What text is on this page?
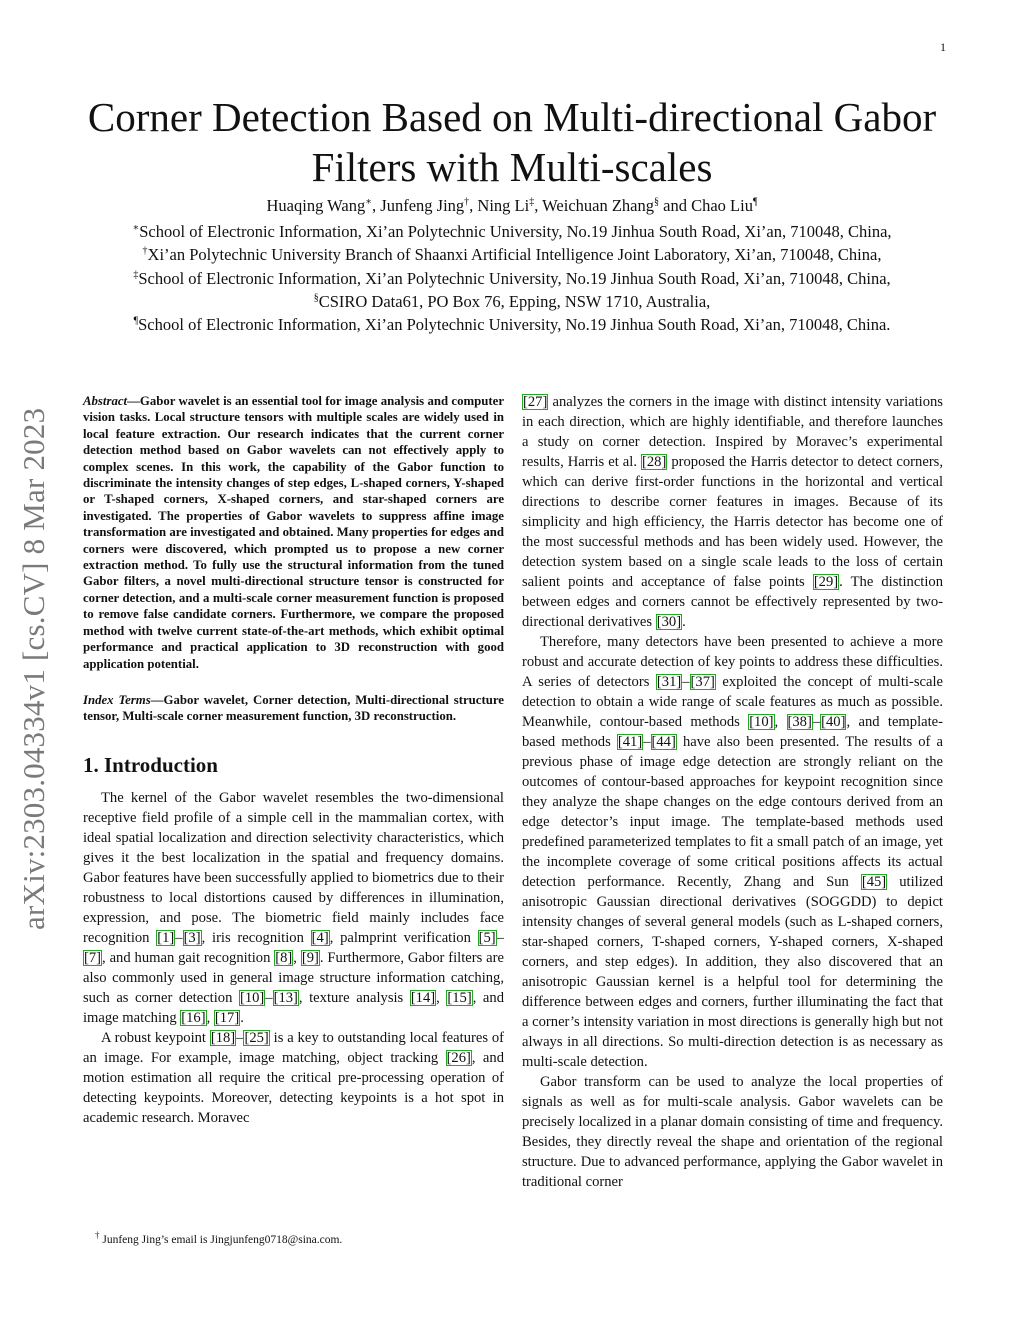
1
arXiv:2303.04334v1 [cs.CV] 8 Mar 2023
Corner Detection Based on Multi-directional Gabor
Filters with Multi-scales
Huaqing Wang∗, Junfeng Jing†, Ning Li‡, Weichuan Zhang§ and Chao Liu¶
∗School of Electronic Information, Xi’an Polytechnic University, No.19 Jinhua South Road, Xi’an, 710048, China,
†Xi’an Polytechnic University Branch of Shaanxi Artificial Intelligence Joint Laboratory, Xi’an, 710048, China,
‡School of Electronic Information, Xi’an Polytechnic University, No.19 Jinhua South Road, Xi’an, 710048, China,
§CSIRO Data61, PO Box 76, Epping, NSW 1710, Australia,
¶School of Electronic Information, Xi’an Polytechnic University, No.19 Jinhua South Road, Xi’an, 710048, China.

Abstract—Gabor wavelet is an essential tool for image analysis and computer vision tasks. Local structure tensors with multiple scales are widely used in local feature extraction. Our research indicates that the current corner detection method based on Gabor wavelets can not effectively apply to complex scenes. In this work, the capability of the Gabor function to discriminate the intensity changes of step edges, L-shaped corners, Y-shaped or T-shaped corners, X-shaped corners, and star-shaped corners are investigated. The properties of Gabor wavelets to suppress affine image transformation are investigated and obtained. Many properties for edges and corners were discovered, which prompted us to propose a new corner extraction method. To fully use the structural information from the tuned Gabor filters, a novel multi-directional structure tensor is constructed for corner detection, and a multi-scale corner measurement function is proposed to remove false candidate corners. Furthermore, we compare the proposed method with twelve current state-of-the-art methods, which exhibit optimal performance and practical application to 3D reconstruction with good application potential.

Index Terms—Gabor wavelet, Corner detection, Multi-directional structure tensor, Multi-scale corner measurement function, 3D reconstruction.

1. Introduction

The kernel of the Gabor wavelet resembles the two-dimensional receptive field profile of a simple cell in the mammalian cortex, with ideal spatial localization and direction selectivity characteristics, which gives it the best localization in the spatial and frequency domains. Gabor features have been successfully applied to biometrics due to their robustness to local distortions caused by differences in illumination, expression, and pose. The biometric field mainly includes face recognition [1]–[3], iris recognition [4], palmprint verification [5]–[7], and human gait recognition [8], [9]. Furthermore, Gabor filters are also commonly used in general image structure information catching, such as corner detection [10]–[13], texture analysis [14], [15], and image matching [16], [17].

A robust keypoint [18]–[25] is a key to outstanding local features of an image. For example, image matching, object tracking [26], and motion estimation all require the critical pre-processing operation of detecting keypoints. Moreover, detecting keypoints is a hot spot in academic research. Moravec

[27] analyzes the corners in the image with distinct intensity variations in each direction, which are highly identifiable, and therefore launches a study on corner detection. Inspired by Moravec’s experimental results, Harris et al. [28] proposed the Harris detector to detect corners, which can derive first-order functions in the horizontal and vertical directions to describe corner features in images. Because of its simplicity and high efficiency, the Harris detector has become one of the most successful methods and has been widely used. However, the detection system based on a single scale leads to the loss of certain salient points and acceptance of false points [29]. The distinction between edges and corners cannot be effectively represented by two-directional derivatives [30].

Therefore, many detectors have been presented to achieve a more robust and accurate detection of key points to address these difficulties. A series of detectors [31]–[37] exploited the concept of multi-scale detection to obtain a wide range of scale features as much as possible. Meanwhile, contour-based methods [10], [38]–[40], and template-based methods [41]–[44] have also been presented. The results of a previous phase of image edge detection are strongly reliant on the outcomes of contour-based approaches for keypoint recognition since they analyze the shape changes on the edge contours derived from an edge detector’s input image. The template-based methods used predefined parameterized templates to fit a small patch of an image, yet the incomplete coverage of some critical positions affects its actual detection performance. Recently, Zhang and Sun [45] utilized anisotropic Gaussian directional derivatives (SOGGDD) to depict intensity changes of several general models (such as L-shaped corners, star-shaped corners, T-shaped corners, Y-shaped corners, X-shaped corners, and step edges). In addition, they also discovered that an anisotropic Gaussian kernel is a helpful tool for determining the difference between edges and corners, further illuminating the fact that a corner’s intensity variation in most directions is generally high but not always in all directions. So multi-direction detection is as necessary as multi-scale detection.

Gabor transform can be used to analyze the local properties of signals as well as for multi-scale analysis. Gabor wavelets can be precisely localized in a planar domain consisting of time and frequency. Besides, they directly reveal the shape and orientation of the regional structure. Due to advanced performance, applying the Gabor wavelet in traditional corner

† Junfeng Jing’s email is Jingjunfeng0718@sina.com.
